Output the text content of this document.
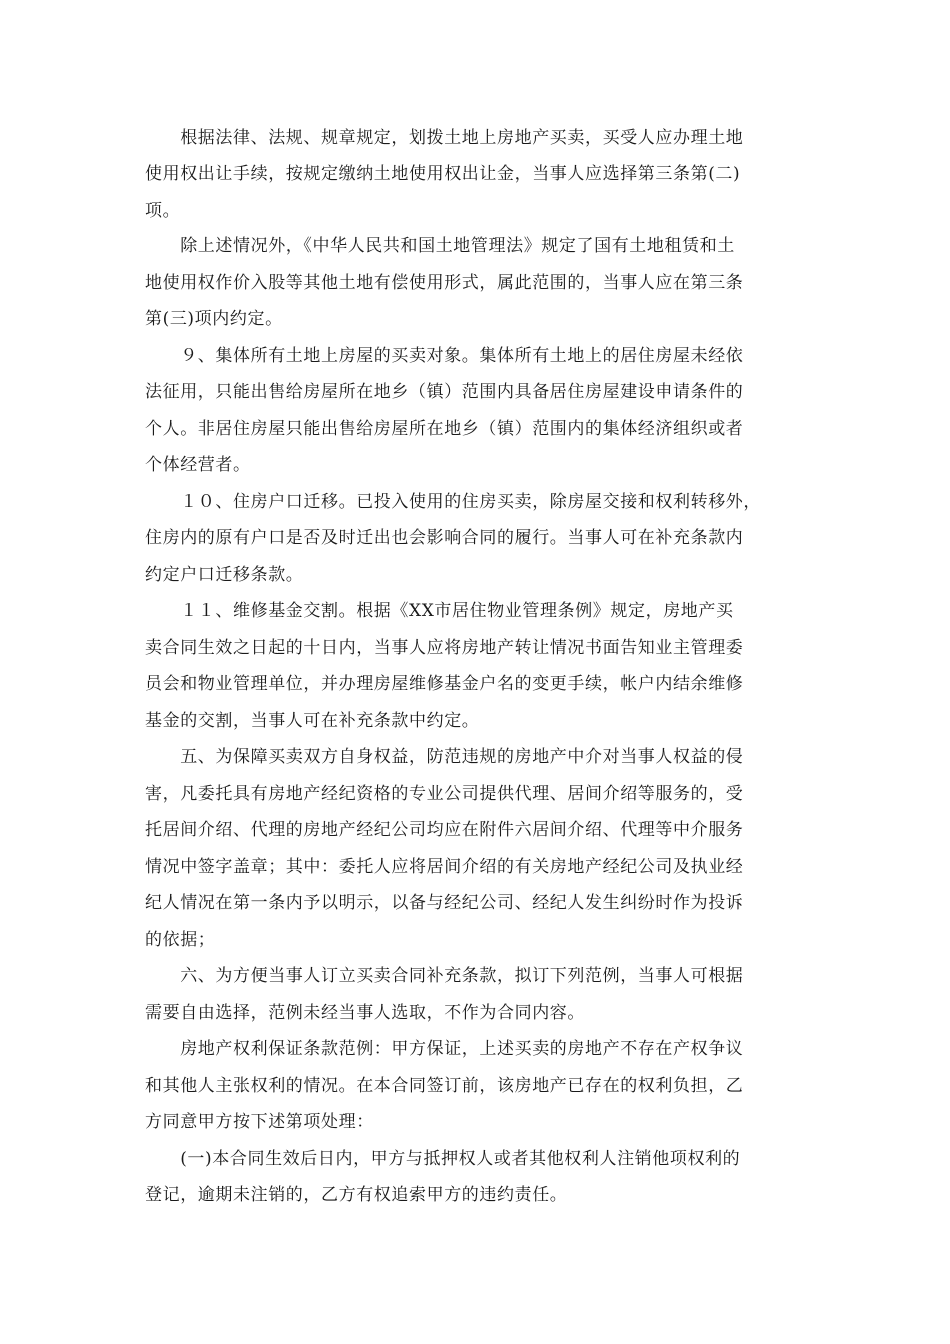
　　根据法律、法规、规章规定，划拨土地上房地产买卖，买受人应办理土地
使用权出让手续，按规定缴纳土地使用权出让金，当事人应选择第三条第(二)
项。
　　除上述情况外，《中华人民共和国土地管理法》规定了国有土地租赁和土
地使用权作价入股等其他土地有偿使用形式，属此范围的，当事人应在第三条
第(三)项内约定。
　　９、集体所有土地上房屋的买卖对象。集体所有土地上的居住房屋未经依
法征用，只能出售给房屋所在地乡（镇）范围内具备居住房屋建设申请条件的
个人。非居住房屋只能出售给房屋所在地乡（镇）范围内的集体经济组织或者
个体经营者。
　　１０、住房户口迁移。已投入使用的住房买卖，除房屋交接和权利转移外，
住房内的原有户口是否及时迁出也会影响合同的履行。当事人可在补充条款内
约定户口迁移条款。
　　１１、维修基金交割。根据《XX市居住物业管理条例》规定，房地产买
卖合同生效之日起的十日内，当事人应将房地产转让情况书面告知业主管理委
员会和物业管理单位，并办理房屋维修基金户名的变更手续，帐户内结余维修
基金的交割，当事人可在补充条款中约定。
　　五、为保障买卖双方自身权益，防范违规的房地产中介对当事人权益的侵
害，凡委托具有房地产经纪资格的专业公司提供代理、居间介绍等服务的，受
托居间介绍、代理的房地产经纪公司均应在附件六居间介绍、代理等中介服务
情况中签字盖章；其中：委托人应将居间介绍的有关房地产经纪公司及执业经
纪人情况在第一条内予以明示，以备与经纪公司、经纪人发生纠纷时作为投诉
的依据；
　　六、为方便当事人订立买卖合同补充条款，拟订下列范例，当事人可根据
需要自由选择，范例未经当事人选取，不作为合同内容。
　　房地产权利保证条款范例：甲方保证，上述买卖的房地产不存在产权争议
和其他人主张权利的情况。在本合同签订前，该房地产已存在的权利负担，乙
方同意甲方按下述第项处理：
　　(一)本合同生效后日内，甲方与抵押权人或者其他权利人注销他项权利的
登记，逾期未注销的，乙方有权追索甲方的违约责任。
